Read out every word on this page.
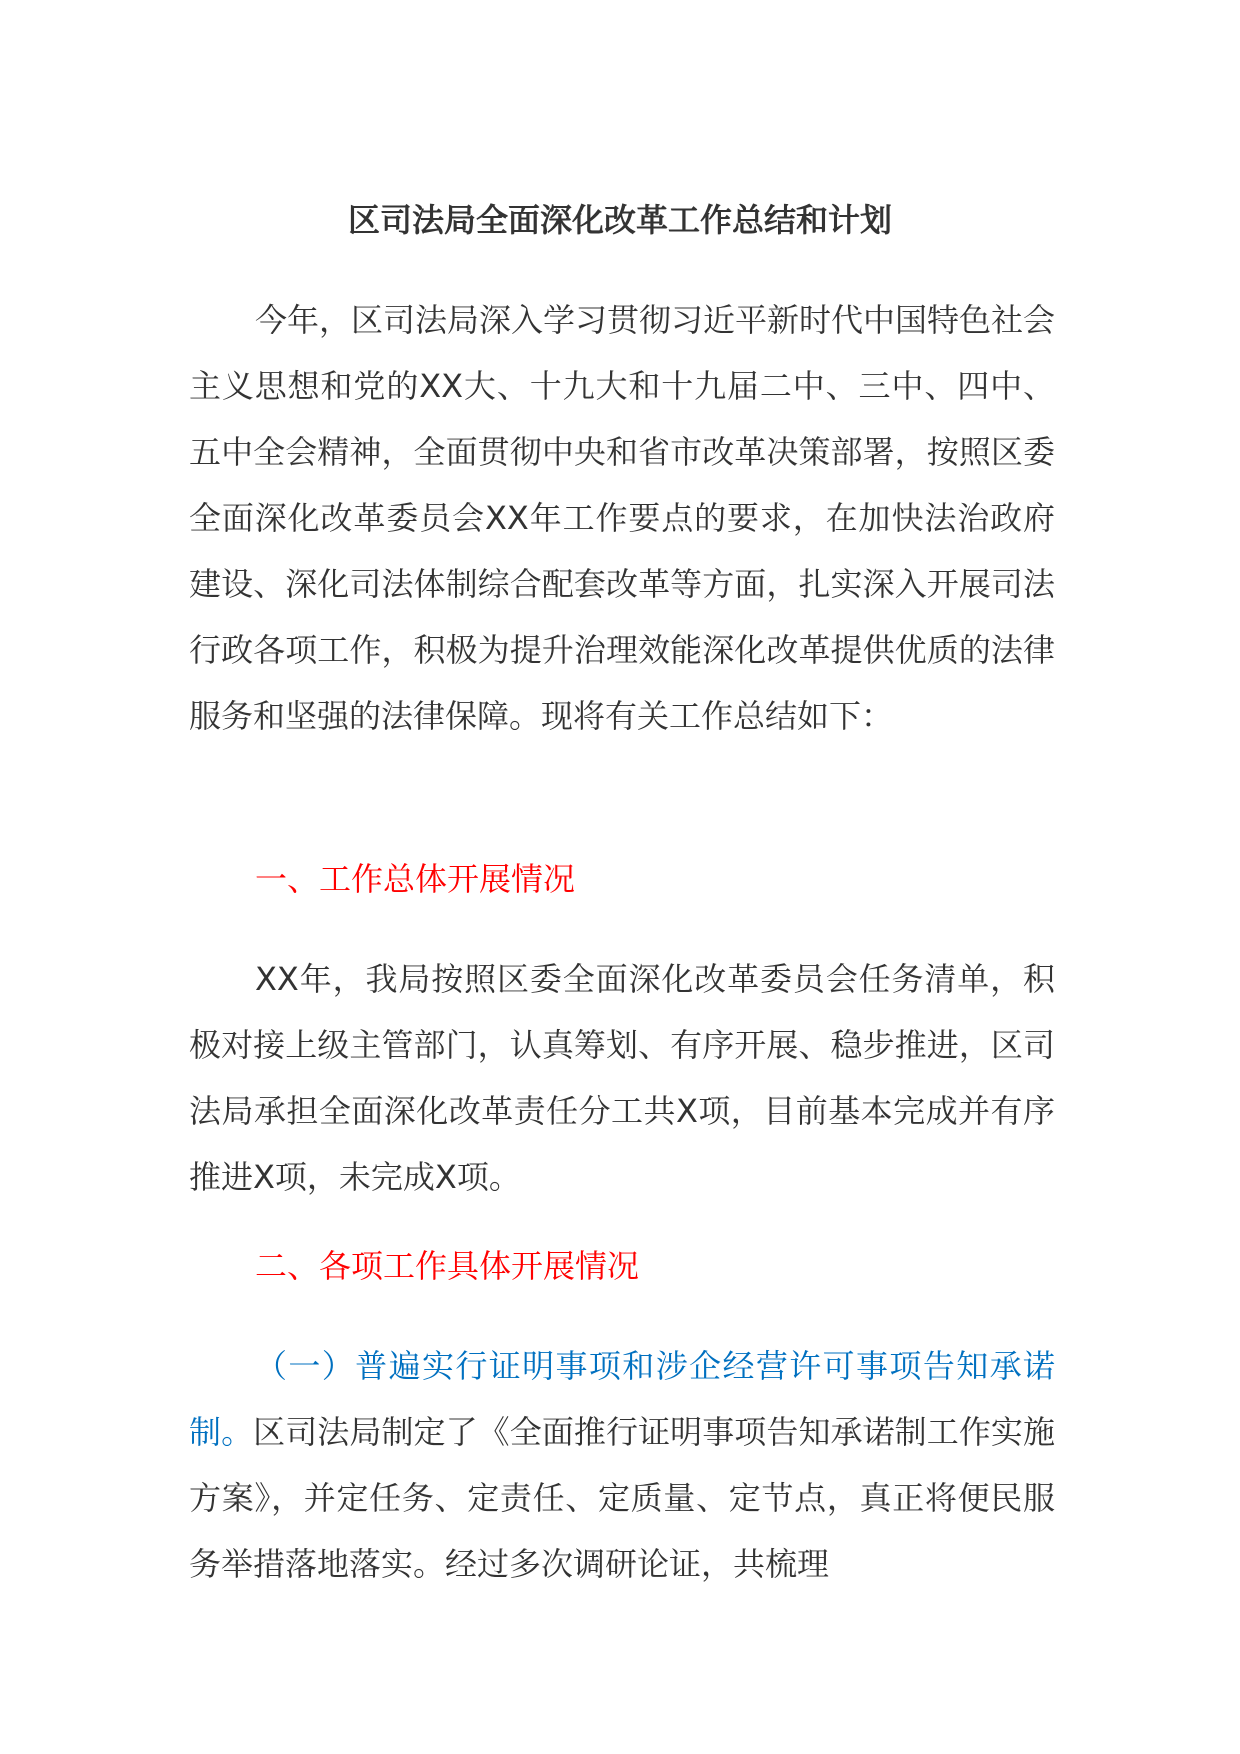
区司法局全面深化改革工作总结和计划

今年，区司法局深入学习贯彻习近平新时代中国特色社会主义思想和党的XX大、十九大和十九届二中、三中、四中、五中全会精神，全面贯彻中央和省市改革决策部署，按照区委全面深化改革委员会XX年工作要点的要求，在加快法治政府建设、深化司法体制综合配套改革等方面，扎实深入开展司法行政各项工作，积极为提升治理效能深化改革提供优质的法律服务和坚强的法律保障。现将有关工作总结如下：

一、工作总体开展情况

XX年，我局按照区委全面深化改革委员会任务清单，积极对接上级主管部门，认真筹划、有序开展、稳步推进，区司法局承担全面深化改革责任分工共X项，目前基本完成并有序推进X项，未完成X项。

二、各项工作具体开展情况

（一）普遍实行证明事项和涉企经营许可事项告知承诺制。区司法局制定了《全面推行证明事项告知承诺制工作实施方案》，并定任务、定责任、定质量、定节点，真正将便民服务举措落地落实。经过多次调研论证，共梳理
